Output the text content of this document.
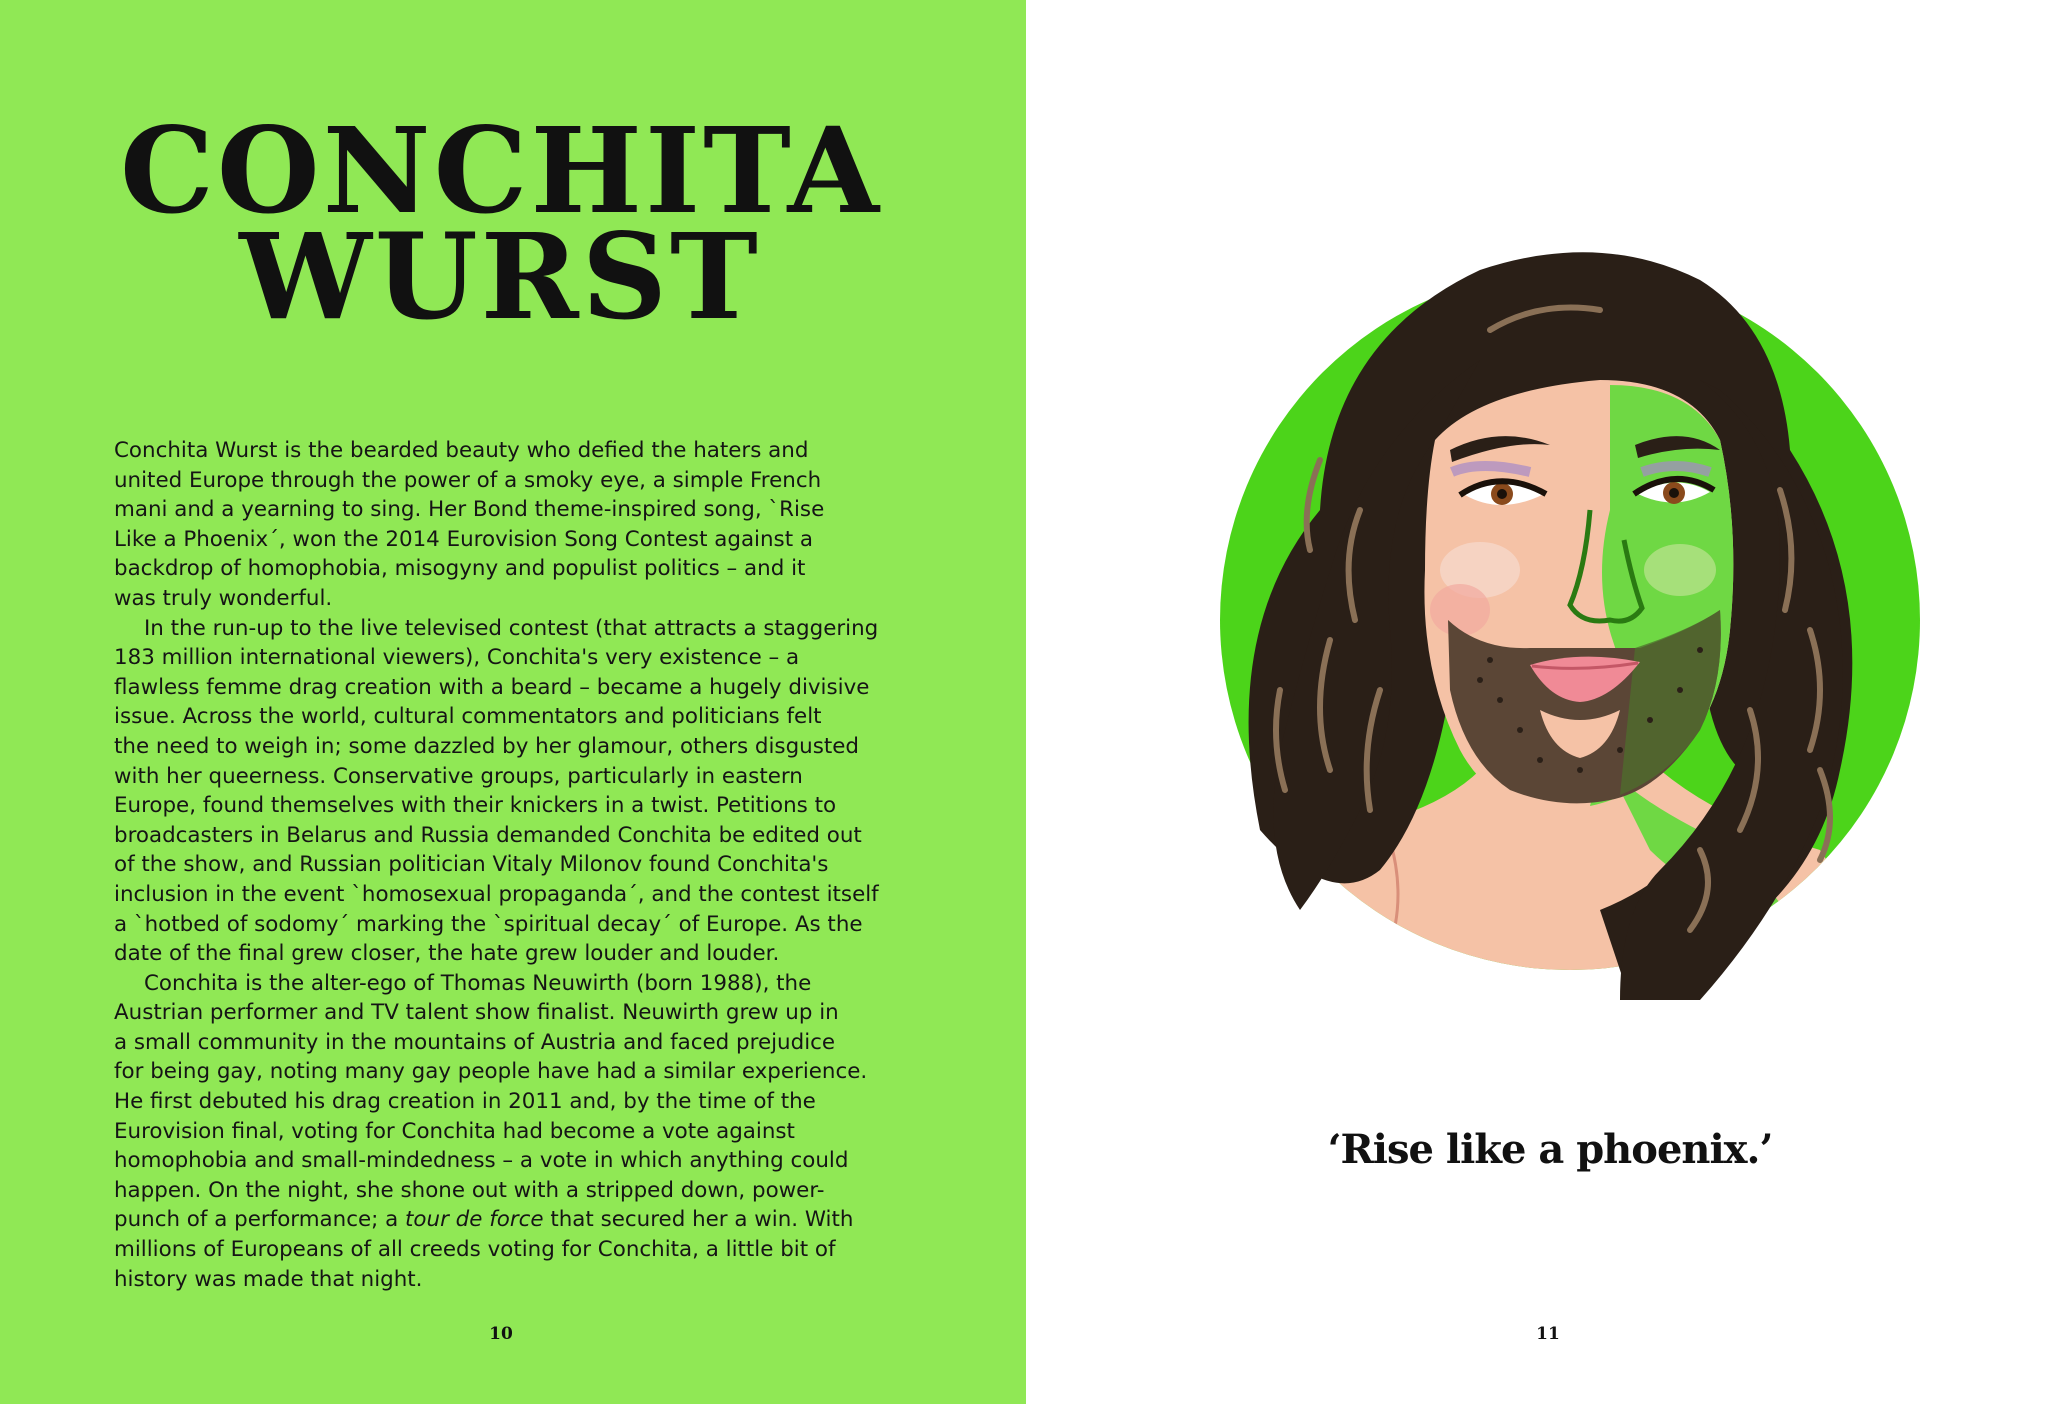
CONCHITA
WURST

Conchita Wurst is the bearded beauty who defied the haters and
united Europe through the power of a smoky eye, a simple French
mani and a yearning to sing. Her Bond theme-inspired song, `Rise
Like a Phoenix´, won the 2014 Eurovision Song Contest against a
backdrop of homophobia, misogyny and populist politics – and it
was truly wonderful.

In the run-up to the live televised contest (that attracts a staggering
183 million international viewers), Conchita's very existence – a
flawless femme drag creation with a beard – became a hugely divisive
issue. Across the world, cultural commentators and politicians felt
the need to weigh in; some dazzled by her glamour, others disgusted
with her queerness. Conservative groups, particularly in eastern
Europe, found themselves with their knickers in a twist. Petitions to
broadcasters in Belarus and Russia demanded Conchita be edited out
of the show, and Russian politician Vitaly Milonov found Conchita's
inclusion in the event `homosexual propaganda´, and the contest itself
a `hotbed of sodomy´ marking the `spiritual decay´ of Europe. As the
date of the final grew closer, the hate grew louder and louder.

Conchita is the alter-ego of Thomas Neuwirth (born 1988), the
Austrian performer and TV talent show finalist. Neuwirth grew up in
a small community in the mountains of Austria and faced prejudice
for being gay, noting many gay people have had a similar experience.
He first debuted his drag creation in 2011 and, by the time of the
Eurovision final, voting for Conchita had become a vote against
homophobia and small-mindedness – a vote in which anything could
happen. On the night, she shone out with a stripped down, power-
punch of a performance; a tour de force that secured her a win. With
millions of Europeans of all creeds voting for Conchita, a little bit of
history was made that night.

10

‘Rise like a phoenix.’

11
